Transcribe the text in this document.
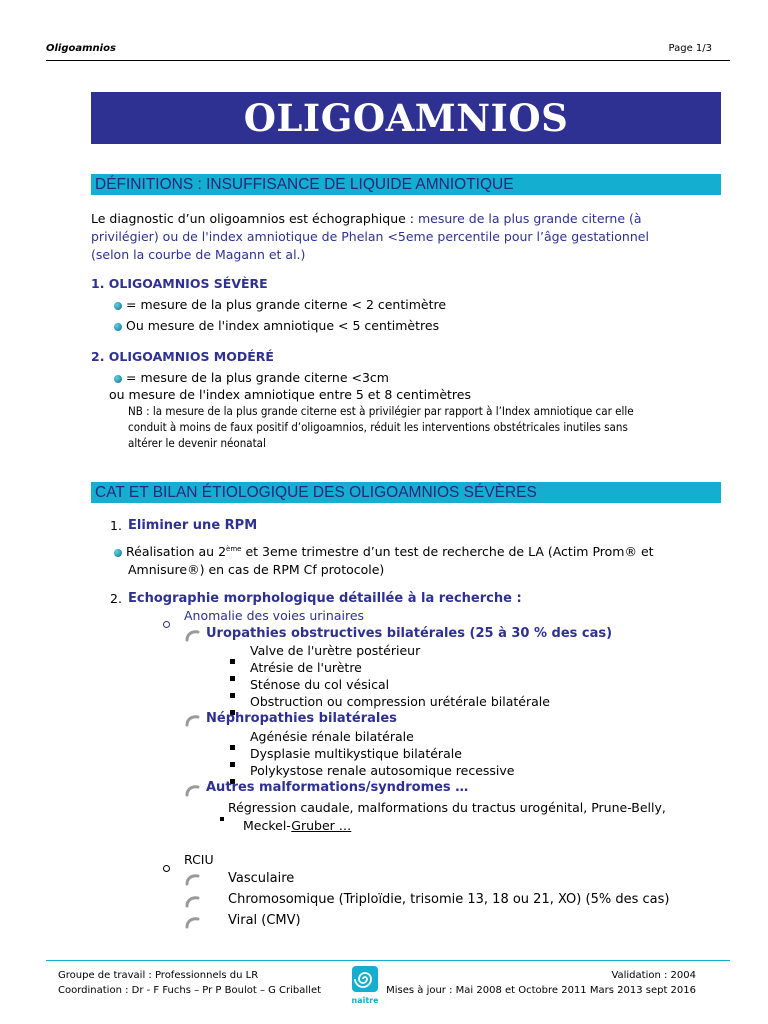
Oligoamnios	Page 1/3
OLIGOAMNIOS
DÉFINITIONS : INSUFFISANCE DE LIQUIDE AMNIOTIQUE
Le diagnostic d’un oligoamnios est échographique : mesure de la plus grande citerne (à
privilégier) ou de l'index amniotique de Phelan <5eme percentile pour l’âge gestationnel
(selon la courbe de Magann et al.)
1. OLIGOAMNIOS SÉVÈRE
= mesure de la plus grande citerne < 2 centimètre
Ou mesure de l'index amniotique < 5 centimètres
2. OLIGOAMNIOS MODÉRÉ
= mesure de la plus grande citerne <3cm
ou mesure de l'index amniotique entre 5 et 8 centimètres
NB : la mesure de la plus grande citerne est à privilégier par rapport à l’Index amniotique car elle
conduit à moins de faux positif d’oligoamnios, réduit les interventions obstétricales inutiles sans
altérer le devenir néonatal
CAT ET BILAN ÉTIOLOGIQUE DES OLIGOAMNIOS SÉVÈRES
1. Eliminer une RPM
Réalisation au 2ème et 3eme trimestre d’un test de recherche de LA (Actim Prom® et
Amnisure®) en cas de RPM Cf protocole)
2. Echographie morphologique détaillée à la recherche :
Anomalie des voies urinaires
Uropathies obstructives bilatérales (25 à 30 % des cas)
Valve de l'urètre postérieur
Atrésie de l'urètre
Sténose du col vésical
Obstruction ou compression urétérale bilatérale
Néphropathies bilatérales
Agénésie rénale bilatérale
Dysplasie multikystique bilatérale
Polykystose renale autosomique recessive
Autres malformations/syndromes …
Régression caudale, malformations du tractus urogénital, Prune-Belly,
Meckel-Gruber …
RCIU
Vasculaire
Chromosomique (Triploïdie, trisomie 13, 18 ou 21, XO) (5% des cas)
Viral (CMV)
Groupe de travail : Professionnels du LR
Coordination : Dr - F Fuchs – Pr P Boulot – G Criballet
Validation : 2004
Mises à jour : Mai 2008 et Octobre 2011 Mars 2013 sept 2016
naître
